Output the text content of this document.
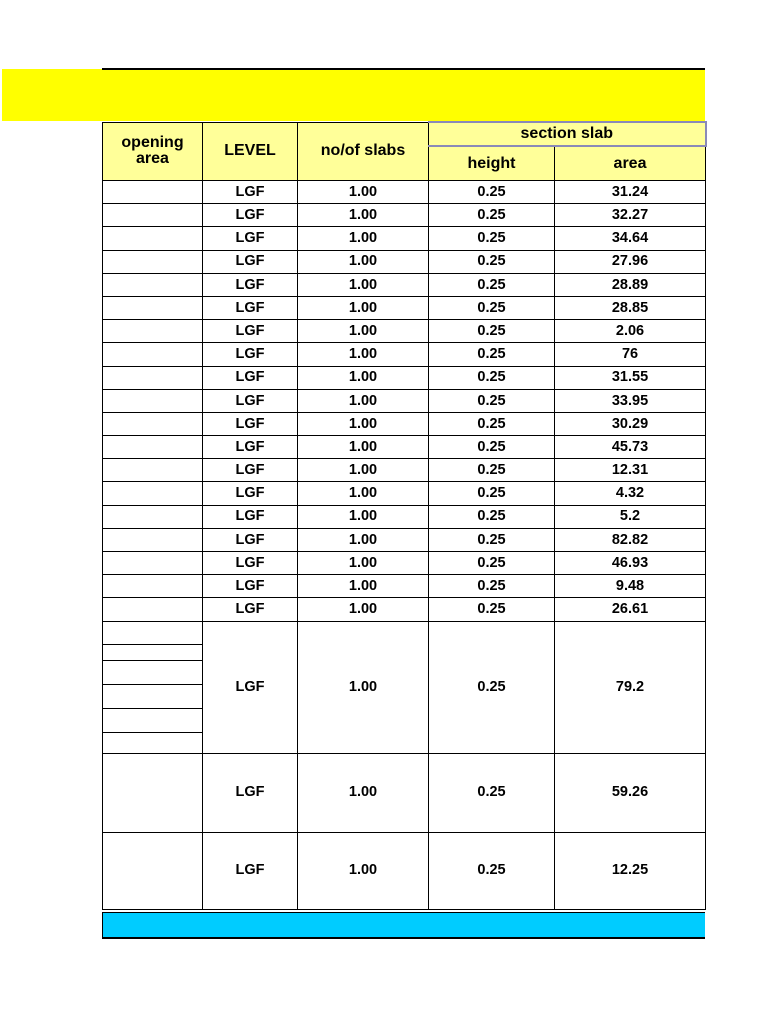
opening area	LEVEL	no/of slabs	section slab	
			height	area
	LGF	1.00	0.25	31.24
	LGF	1.00	0.25	32.27
	LGF	1.00	0.25	34.64
	LGF	1.00	0.25	27.96
	LGF	1.00	0.25	28.89
	LGF	1.00	0.25	28.85
	LGF	1.00	0.25	2.06
	LGF	1.00	0.25	76
	LGF	1.00	0.25	31.55
	LGF	1.00	0.25	33.95
	LGF	1.00	0.25	30.29
	LGF	1.00	0.25	45.73
	LGF	1.00	0.25	12.31
	LGF	1.00	0.25	4.32
	LGF	1.00	0.25	5.2
	LGF	1.00	0.25	82.82
	LGF	1.00	0.25	46.93
	LGF	1.00	0.25	9.48
	LGF	1.00	0.25	26.61

	LGF	1.00	0.25	79.2
	LGF	1.00	0.25	59.26
	LGF	1.00	0.25	12.25
